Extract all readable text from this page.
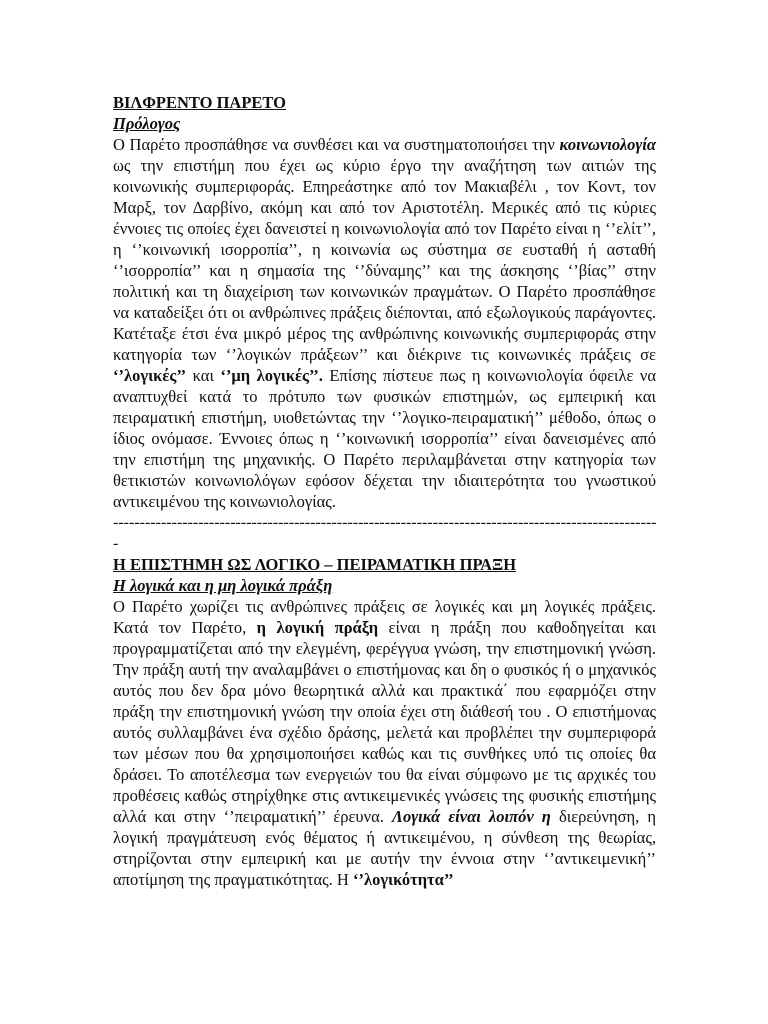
ΒΙΛΦΡΕΝΤΟ ΠΑΡΕΤΟ
Πρόλογος

Ο Παρέτο προσπάθησε να συνθέσει και να συστηματοποιήσει την κοινωνιολογία ως την επιστήμη που έχει ως κύριο έργο την αναζήτηση των αιτιών της κοινωνικής συμπεριφοράς. Επηρεάστηκε από τον Μακιαβέλι , τον Κοντ, τον Μαρξ, τον Δαρβίνο, ακόμη και από τον Αριστοτέλη. Μερικές από τις κύριες έννοιες τις οποίες έχει δανειστεί η κοινωνιολογία από τον Παρέτο είναι η ‘’ελίτ’’, η ‘’κοινωνική ισορροπία’’, η κοινωνία ως σύστημα σε ευσταθή ή ασταθή ‘’ισορροπία’’ και η σημασία της ‘’δύναμης’’ και της άσκησης ‘’βίας’’ στην πολιτική και τη διαχείριση των κοινωνικών πραγμάτων. Ο Παρέτο προσπάθησε να καταδείξει ότι οι ανθρώπινες πράξεις διέπονται, από εξωλογικούς παράγοντες. Κατέταξε έτσι ένα μικρό μέρος της ανθρώπινης κοινωνικής συμπεριφοράς στην κατηγορία των ‘’λογικών πράξεων’’ και διέκρινε τις κοινωνικές πράξεις σε ‘’λογικές’’ και ‘’μη λογικές’’. Επίσης πίστευε πως η κοινωνιολογία όφειλε να αναπτυχθεί κατά το πρότυπο των φυσικών επιστημών, ως εμπειρική και πειραματική επιστήμη, υιοθετώντας την ‘’λογικο-πειραματική’’ μέθοδο, όπως ο ίδιος ονόμασε. Έννοιες όπως η ‘’κοινωνική ισορροπία’’ είναι δανεισμένες από την επιστήμη της μηχανικής. Ο Παρέτο περιλαμβάνεται στην κατηγορία των θετικιστών κοινωνιολόγων εφόσον δέχεται την ιδιαιτερότητα του γνωστικού αντικειμένου της κοινωνιολογίας.

-------------------------------------------------------------------------------------------------------

Η ΕΠΙΣΤΗΜΗ ΩΣ ΛΟΓΙΚΟ – ΠΕΙΡΑΜΑΤΙΚΗ ΠΡΑΞΗ
Η λογικά και η μη λογικά πράξη

Ο Παρέτο χωρίζει τις ανθρώπινες πράξεις σε λογικές και μη λογικές πράξεις. Κατά τον Παρέτο, η λογική πράξη είναι η πράξη που καθοδηγείται και προγραμματίζεται από την ελεγμένη, φερέγγυα γνώση, την επιστημονική γνώση. Την πράξη αυτή την αναλαμβάνει ο επιστήμονας και δη ο φυσικός ή ο μηχανικός αυτός που δεν δρα μόνο θεωρητικά αλλά και πρακτικά΄ που εφαρμόζει στην πράξη την επιστημονική γνώση την οποία έχει στη διάθεσή του . Ο επιστήμονας αυτός συλλαμβάνει ένα σχέδιο δράσης, μελετά και προβλέπει την συμπεριφορά των μέσων που θα χρησιμοποιήσει καθώς και τις συνθήκες υπό τις οποίες θα δράσει. Το αποτέλεσμα των ενεργειών του θα είναι σύμφωνο με τις αρχικές του προθέσεις καθώς στηρίχθηκε στις αντικειμενικές γνώσεις της φυσικής επιστήμης αλλά και στην ‘’πειραματική’’ έρευνα. Λογικά είναι λοιπόν η διερεύνηση, η λογική πραγμάτευση ενός θέματος ή αντικειμένου, η σύνθεση της θεωρίας, στηρίζονται στην εμπειρική και με αυτήν την έννοια στην ‘’αντικειμενική’’ αποτίμηση της πραγματικότητας. Η ‘’λογικότητα’’
